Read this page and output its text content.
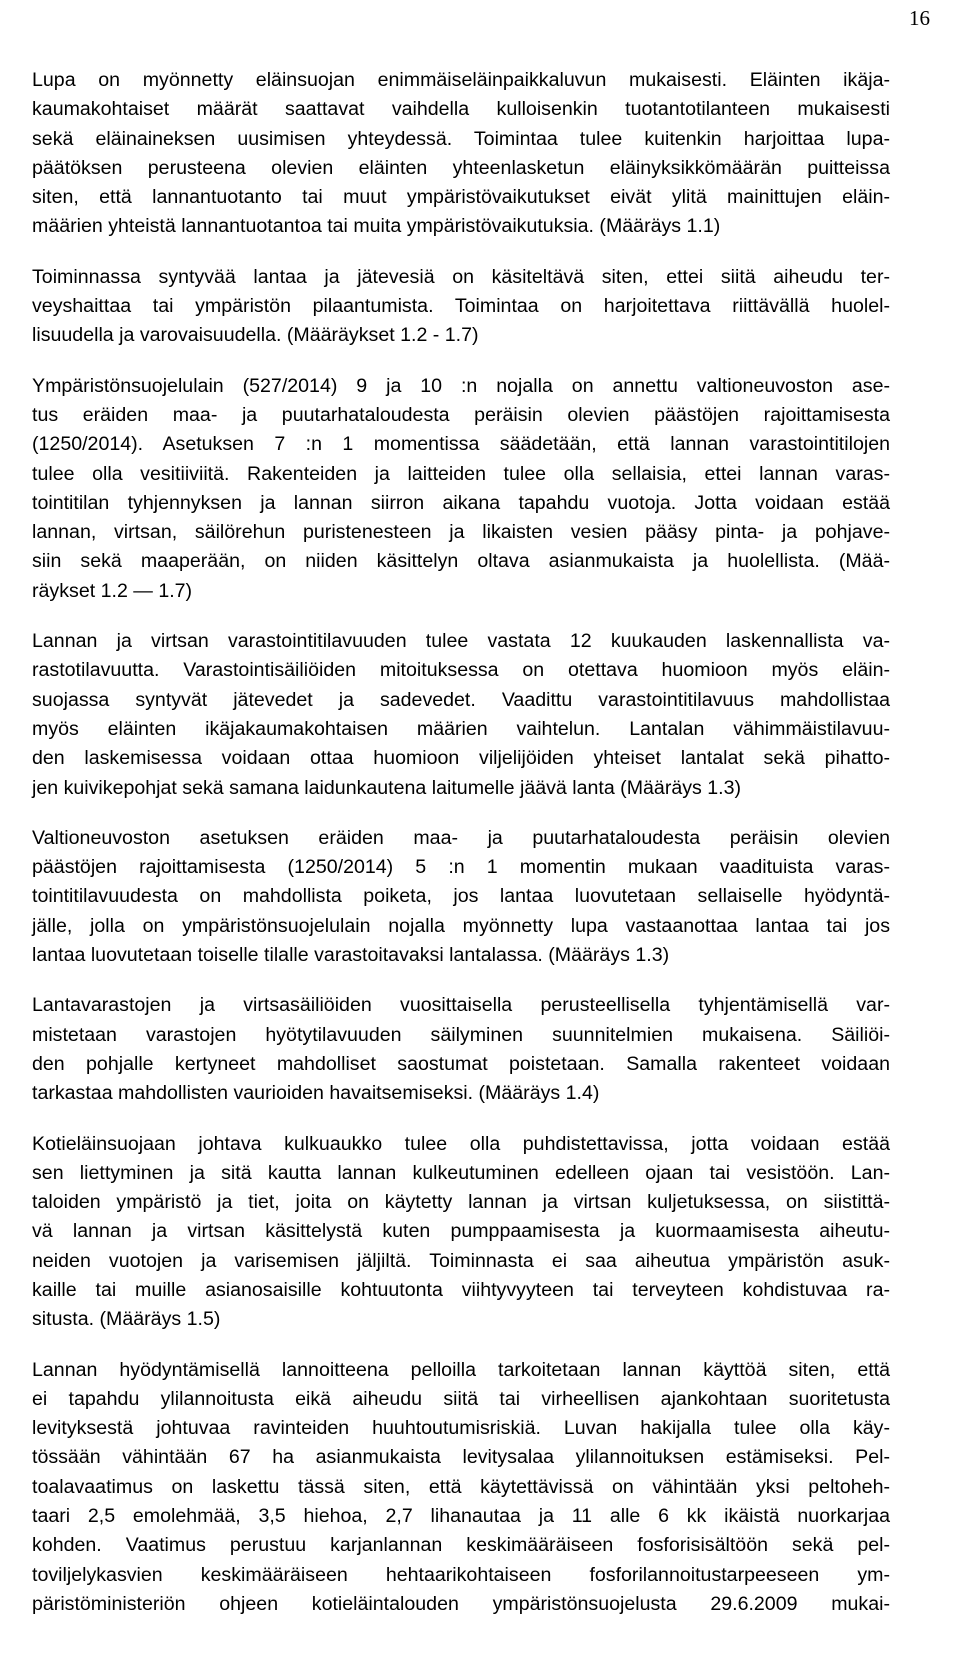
16
Lupa on myönnetty eläinsuojan enimmäiseläinpaikkaluvun mukaisesti. Eläinten ikäja-
kaumakohtaiset määrät saattavat vaihdella kulloisenkin tuotantotilanteen mukaisesti
sekä eläinaineksen uusimisen yhteydessä. Toimintaa tulee kuitenkin harjoittaa lupa-
päätöksen perusteena olevien eläinten yhteenlasketun eläinyksikkömäärän puitteissa
siten, että lannantuotanto tai muut ympäristövaikutukset eivät ylitä mainittujen eläin-
määrien yhteistä lannantuotantoa tai muita ympäristövaikutuksia. (Määräys 1.1)
Toiminnassa syntyvää lantaa ja jätevesiä on käsiteltävä siten, ettei siitä aiheudu ter-
veyshaittaa tai ympäristön pilaantumista. Toimintaa on harjoitettava riittävällä huolel-
lisuudella ja varovaisuudella. (Määräykset 1.2 - 1.7)
Ympäristönsuojelulain (527/2014) 9 ja 10 :n nojalla on annettu valtioneuvoston ase-
tus eräiden maa- ja puutarhataloudesta peräisin olevien päästöjen rajoittamisesta
(1250/2014). Asetuksen 7 :n 1 momentissa säädetään, että lannan varastointitilojen
tulee olla vesitiiviitä. Rakenteiden ja laitteiden tulee olla sellaisia, ettei lannan varas-
tointitilan tyhjennyksen ja lannan siirron aikana tapahdu vuotoja. Jotta voidaan estää
lannan, virtsan, säilörehun puristenesteen ja likaisten vesien pääsy pinta- ja pohjave-
siin sekä maaperään, on niiden käsittelyn oltava asianmukaista ja huolellista. (Mää-
räykset 1.2 — 1.7)
Lannan ja virtsan varastointitilavuuden tulee vastata 12 kuukauden laskennallista va-
rastotilavuutta. Varastointisäiliöiden mitoituksessa on otettava huomioon myös eläin-
suojassa syntyvät jätevedet ja sadevedet. Vaadittu varastointitilavuus mahdollistaa
myös eläinten ikäjakaumakohtaisen määrien vaihtelun. Lantalan vähimmäistilavuu-
den laskemisessa voidaan ottaa huomioon viljelijöiden yhteiset lantalat sekä pihatto-
jen kuivikepohjat sekä samana laidunkautena laitumelle jäävä lanta (Määräys 1.3)
Valtioneuvoston asetuksen eräiden maa- ja puutarhataloudesta peräisin olevien
päästöjen rajoittamisesta (1250/2014) 5 :n 1 momentin mukaan vaadituista varas-
tointitilavuudesta on mahdollista poiketa, jos lantaa luovutetaan sellaiselle hyödyntä-
jälle, jolla on ympäristönsuojelulain nojalla myönnetty lupa vastaanottaa lantaa tai jos
lantaa luovutetaan toiselle tilalle varastoitavaksi lantalassa. (Määräys 1.3)
Lantavarastojen ja virtsasäiliöiden vuosittaisella perusteellisella tyhjentämisellä var-
mistetaan varastojen hyötytilavuuden säilyminen suunnitelmien mukaisena. Säiliöi-
den pohjalle kertyneet mahdolliset saostumat poistetaan. Samalla rakenteet voidaan
tarkastaa mahdollisten vaurioiden havaitsemiseksi. (Määräys 1.4)
Kotieläinsuojaan johtava kulkuaukko tulee olla puhdistettavissa, jotta voidaan estää
sen liettyminen ja sitä kautta lannan kulkeutuminen edelleen ojaan tai vesistöön. Lan-
taloiden ympäristö ja tiet, joita on käytetty lannan ja virtsan kuljetuksessa, on siistittä-
vä lannan ja virtsan käsittelystä kuten pumppaamisesta ja kuormaamisesta aiheutu-
neiden vuotojen ja varisemisen jäljiltä. Toiminnasta ei saa aiheutua ympäristön asuk-
kaille tai muille asianosaisille kohtuutonta viihtyvyyteen tai terveyteen kohdistuvaa ra-
situsta. (Määräys 1.5)
Lannan hyödyntämisellä lannoitteena pelloilla tarkoitetaan lannan käyttöä siten, että
ei tapahdu ylilannoitusta eikä aiheudu siitä tai virheellisen ajankohtaan suoritetusta
levityksestä johtuvaa ravinteiden huuhtoutumisriskiä. Luvan hakijalla tulee olla käy-
tössään vähintään 67 ha asianmukaista levitysalaa ylilannoituksen estämiseksi. Pel-
toalavaatimus on laskettu tässä siten, että käytettävissä on vähintään yksi peltoheh-
taari 2,5 emolehmää, 3,5 hiehoa, 2,7 lihanautaa ja 11 alle 6 kk ikäistä nuorkarjaa
kohden. Vaatimus perustuu karjanlannan keskimääräiseen fosforisisältöön sekä pel-
toviljelykasvien keskimääräiseen hehtaarikohtaiseen fosforilannoitustarpeeseen ym-
päristöministeriön ohjeen kotieläintalouden ympäristönsuojelusta 29.6.2009 mukai-
